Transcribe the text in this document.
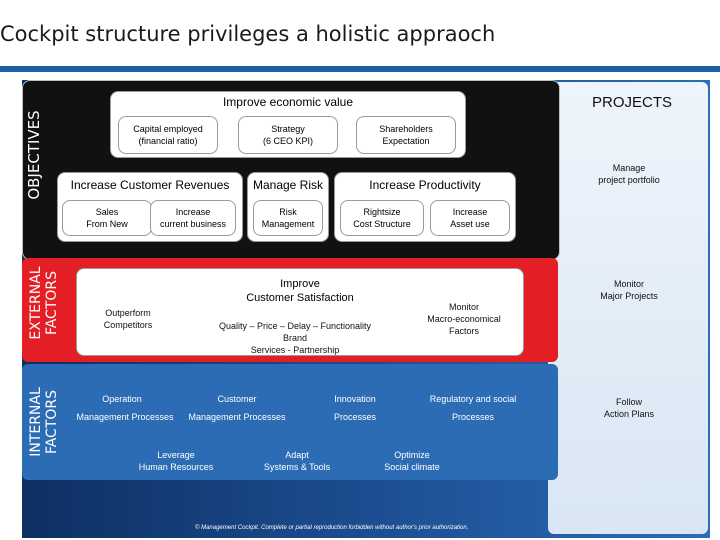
Cockpit structure privileges a holistic appraoch
OBJECTIVES
Improve economic value
Capital employed
(financial ratio)
Strategy
(6 CEO KPI)
Shareholders
Expectation
Increase Customer Revenues
Sales
From New
Increase
current business
Manage Risk
Risk
Management
Increase Productivity
Rightsize
Cost Structure
Increase
Asset use
EXTERNAL
FACTORS	Improve
Customer Satisfaction
Outperform
Competitors	Quality – Price – Delay – Functionality
Brand
Services - Partnership
Monitor
Macro-economical
Factors
INTERNAL
FACTORS	Operation	Customer	Innovation	Regulatory and social
Management Processes	Management Processes	Processes	Processes
Leverage
Human Resources
Adapt
Systems & Tools
Optimize
Social climate
PROJECTS
Manage
project portfolio
Monitor
Major Projects
Follow
Action Plans
© Management Cockpit. Complete or partial reproduction forbidden without author's prior authorization.
